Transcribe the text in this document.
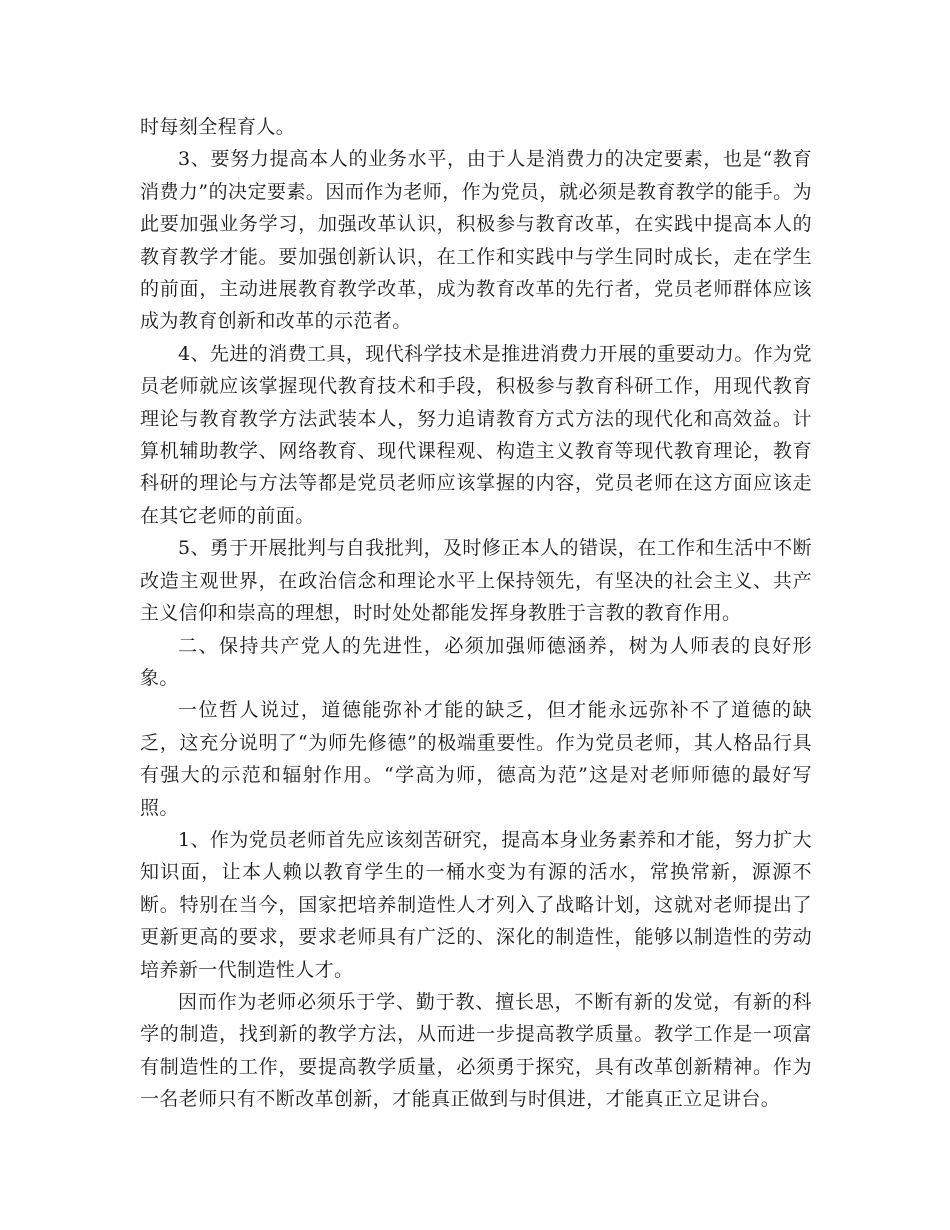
时每刻全程育人。

3、要努力提高本人的业务水平，由于人是消费力的决定要素，也是“教育消费力”的决定要素。因而作为老师，作为党员，就必须是教育教学的能手。为此要加强业务学习，加强改革认识，积极参与教育改革，在实践中提高本人的教育教学才能。要加强创新认识，在工作和实践中与学生同时成长，走在学生的前面，主动进展教育教学改革，成为教育改革的先行者，党员老师群体应该成为教育创新和改革的示范者。

4、先进的消费工具，现代科学技术是推进消费力开展的重要动力。作为党员老师就应该掌握现代教育技术和手段，积极参与教育科研工作，用现代教育理论与教育教学方法武装本人，努力追请教育方式方法的现代化和高效益。计算机辅助教学、网络教育、现代课程观、构造主义教育等现代教育理论，教育科研的理论与方法等都是党员老师应该掌握的内容，党员老师在这方面应该走在其它老师的前面。

5、勇于开展批判与自我批判，及时修正本人的错误，在工作和生活中不断改造主观世界，在政治信念和理论水平上保持领先，有坚决的社会主义、共产主义信仰和崇高的理想，时时处处都能发挥身教胜于言教的教育作用。

二、保持共产党人的先进性，必须加强师德涵养，树为人师表的良好形象。

一位哲人说过，道德能弥补才能的缺乏，但才能永远弥补不了道德的缺乏，这充分说明了“为师先修德”的极端重要性。作为党员老师，其人格品行具有强大的示范和辐射作用。“学高为师，德高为范”这是对老师师德的最好写照。

1、作为党员老师首先应该刻苦研究，提高本身业务素养和才能，努力扩大知识面，让本人赖以教育学生的一桶水变为有源的活水，常换常新，源源不断。特别在当今，国家把培养制造性人才列入了战略计划，这就对老师提出了更新更高的要求，要求老师具有广泛的、深化的制造性，能够以制造性的劳动培养新一代制造性人才。

因而作为老师必须乐于学、勤于教、擅长思，不断有新的发觉，有新的科学的制造，找到新的教学方法，从而进一步提高教学质量。教学工作是一项富有制造性的工作，要提高教学质量，必须勇于探究，具有改革创新精神。作为一名老师只有不断改革创新，才能真正做到与时俱进，才能真正立足讲台。
